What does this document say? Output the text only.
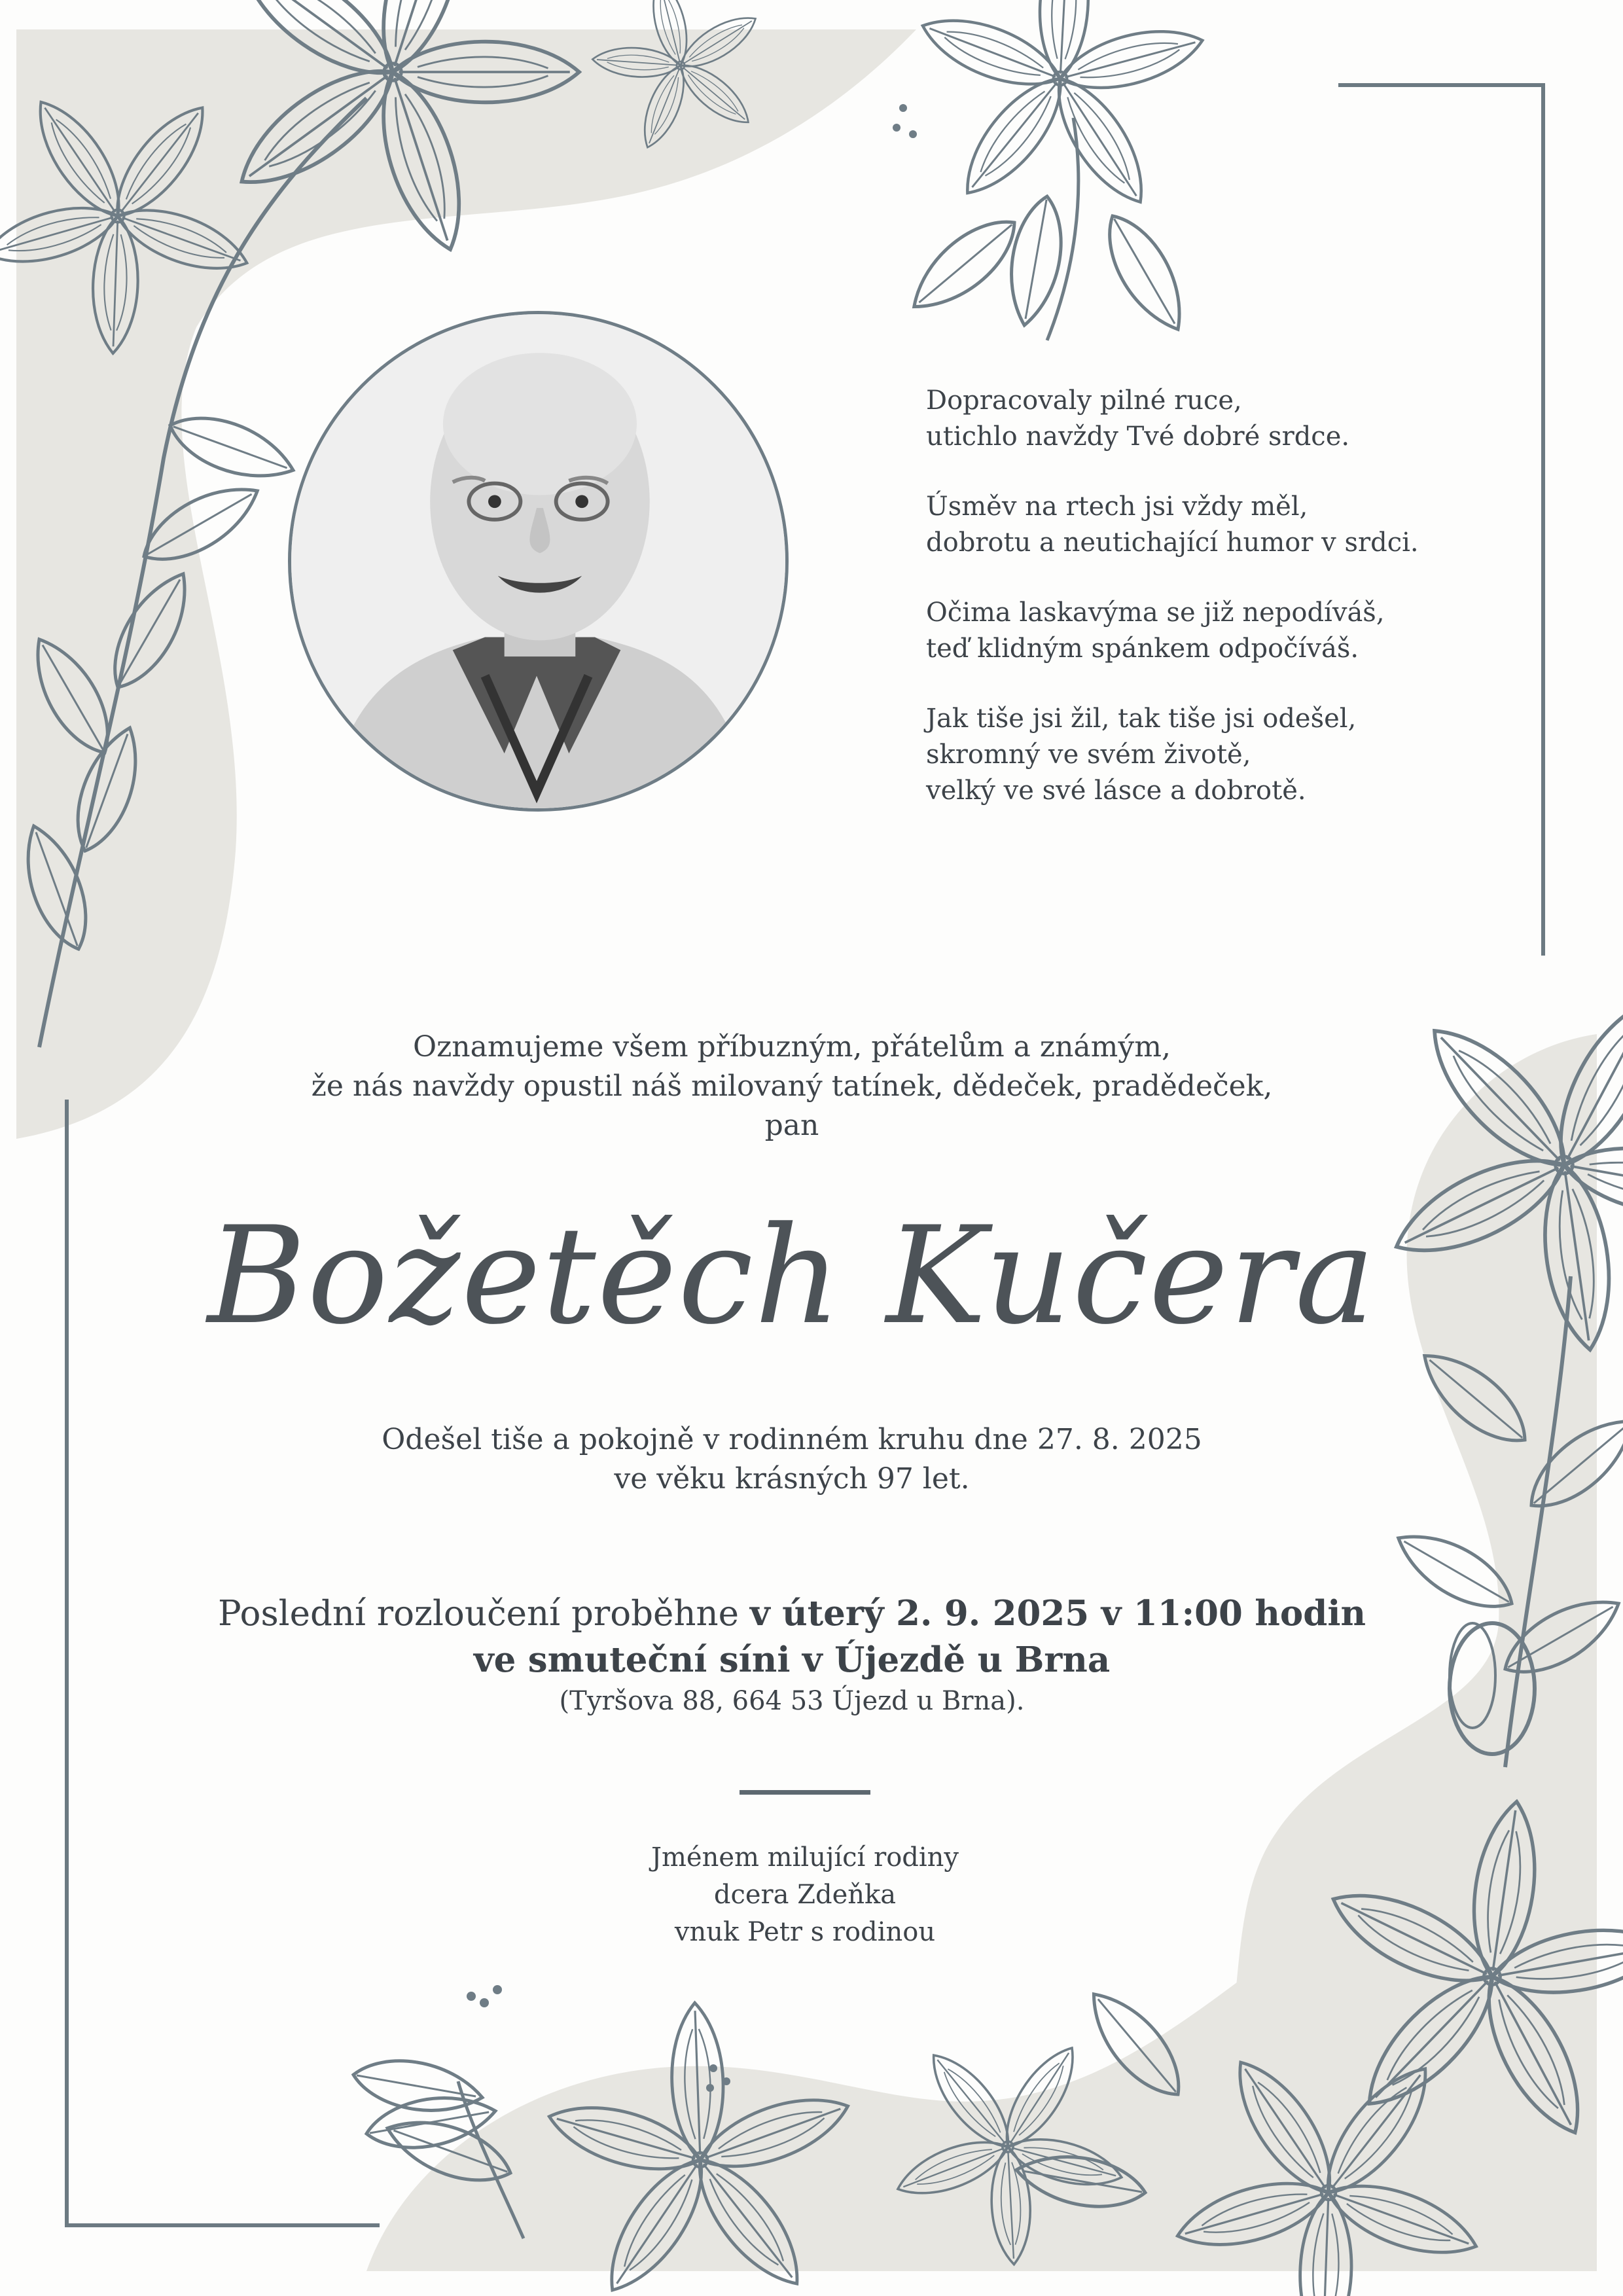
Dopracovaly pilné ruce,
utichlo navždy Tvé dobré srdce.
Úsměv na rtech jsi vždy měl,
dobrotu a neutichající humor v srdci.
Očima laskavýma se již nepodíváš,
teď klidným spánkem odpočíváš.
Jak tiše jsi žil, tak tiše jsi odešel,
skromný ve svém životě,
velký ve své lásce a dobrotě.
Oznamujeme všem příbuzným, přátelům a známým,
že nás navždy opustil náš milovaný tatínek, dědeček, pradědeček,
pan
Božetěch Kučera
Odešel tiše a pokojně v rodinném kruhu dne 27. 8. 2025
ve věku krásných 97 let.
Poslední rozloučení proběhne v úterý 2. 9. 2025 v 11:00 hodin
ve smuteční síni v Újezdě u Brna
(Tyršova 88, 664 53 Újezd u Brna).
Jménem milující rodiny
dcera Zdeňka
vnuk Petr s rodinou
